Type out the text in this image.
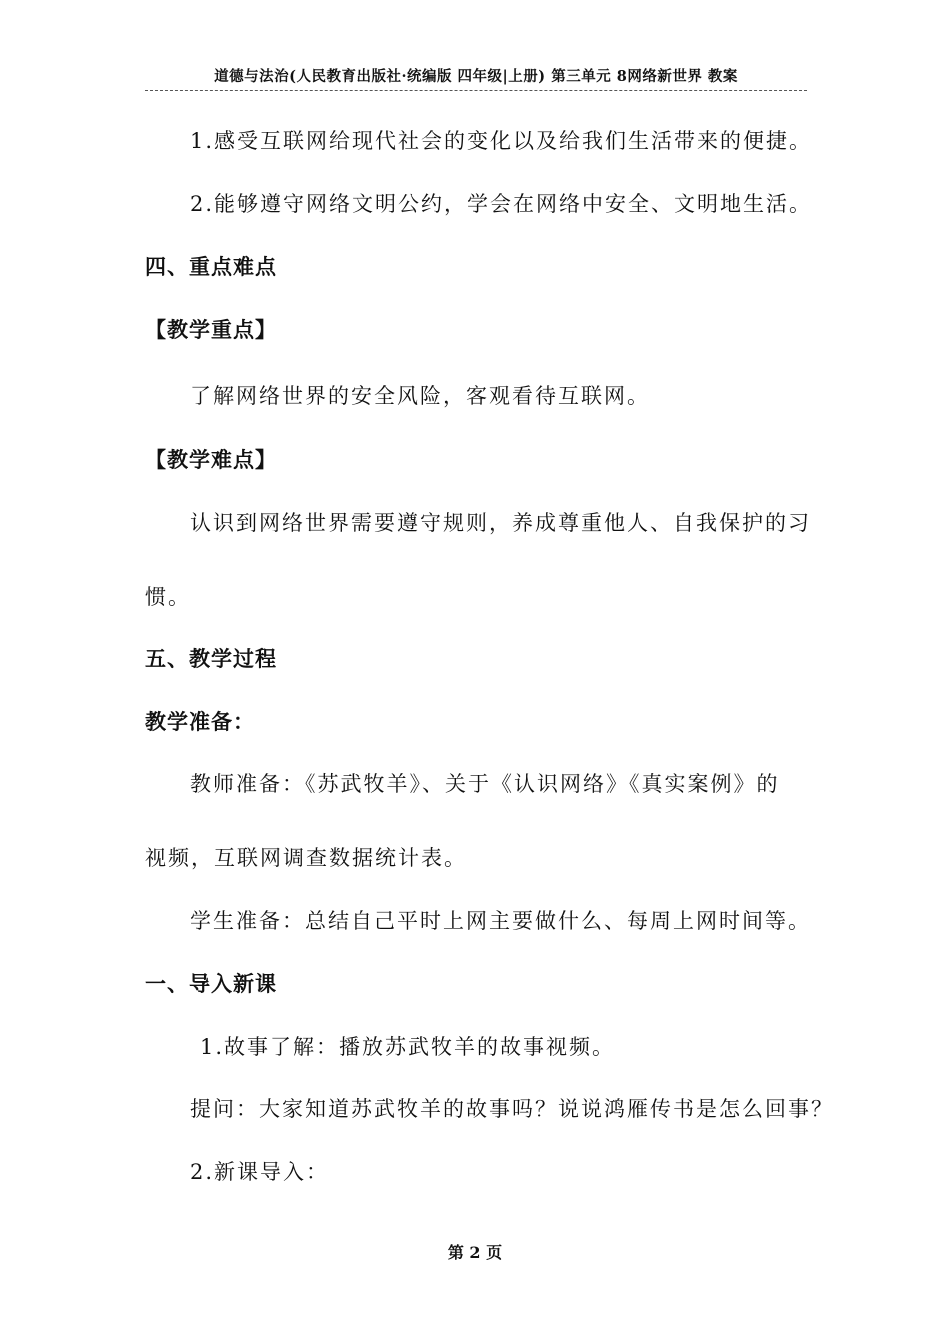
道德与法治(人民教育出版社·统编版 四年级|上册) 第三单元 8网络新世界 教案
1.感受互联网给现代社会的变化以及给我们生活带来的便捷。
2.能够遵守网络文明公约，学会在网络中安全、文明地生活。
四、重点难点
【教学重点】
了解网络世界的安全风险，客观看待互联网。
【教学难点】
认识到网络世界需要遵守规则，养成尊重他人、自我保护的习
惯。
五、教学过程
教学准备：
教师准备：《苏武牧羊》、关于《认识网络》《真实案例》的
视频，互联网调查数据统计表。
学生准备：总结自己平时上网主要做什么、每周上网时间等。
一、导入新课
1.故事了解：播放苏武牧羊的故事视频。
提问：大家知道苏武牧羊的故事吗？说说鸿雁传书是怎么回事？
2.新课导入：
第 2 页
